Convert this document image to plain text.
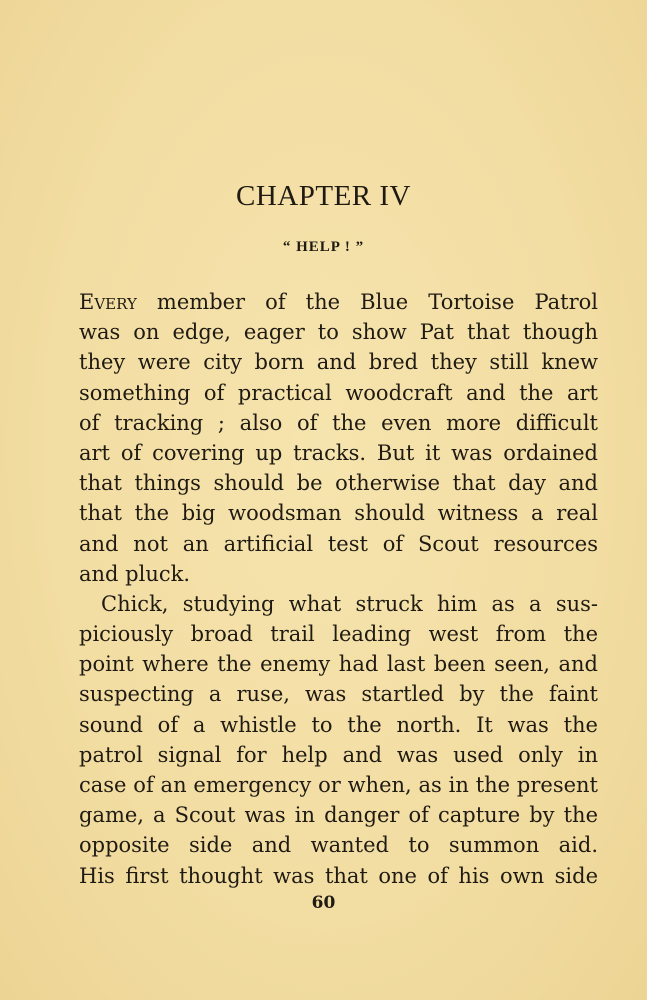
CHAPTER IV
“ HELP ! ”
Every member of the Blue Tortoise Patrol
was on edge, eager to show Pat that though
they were city born and bred they still knew
something of practical woodcraft and the art
of tracking ; also of the even more difficult
art of covering up tracks. But it was ordained
that things should be otherwise that day and
that the big woodsman should witness a real
and not an artificial test of Scout resources
and pluck.
Chick, studying what struck him as a sus-
piciously broad trail leading west from the
point where the enemy had last been seen, and
suspecting a ruse, was startled by the faint
sound of a whistle to the north. It was the
patrol signal for help and was used only in
case of an emergency or when, as in the present
game, a Scout was in danger of capture by the
opposite side and wanted to summon aid.
His first thought was that one of his own side
60
